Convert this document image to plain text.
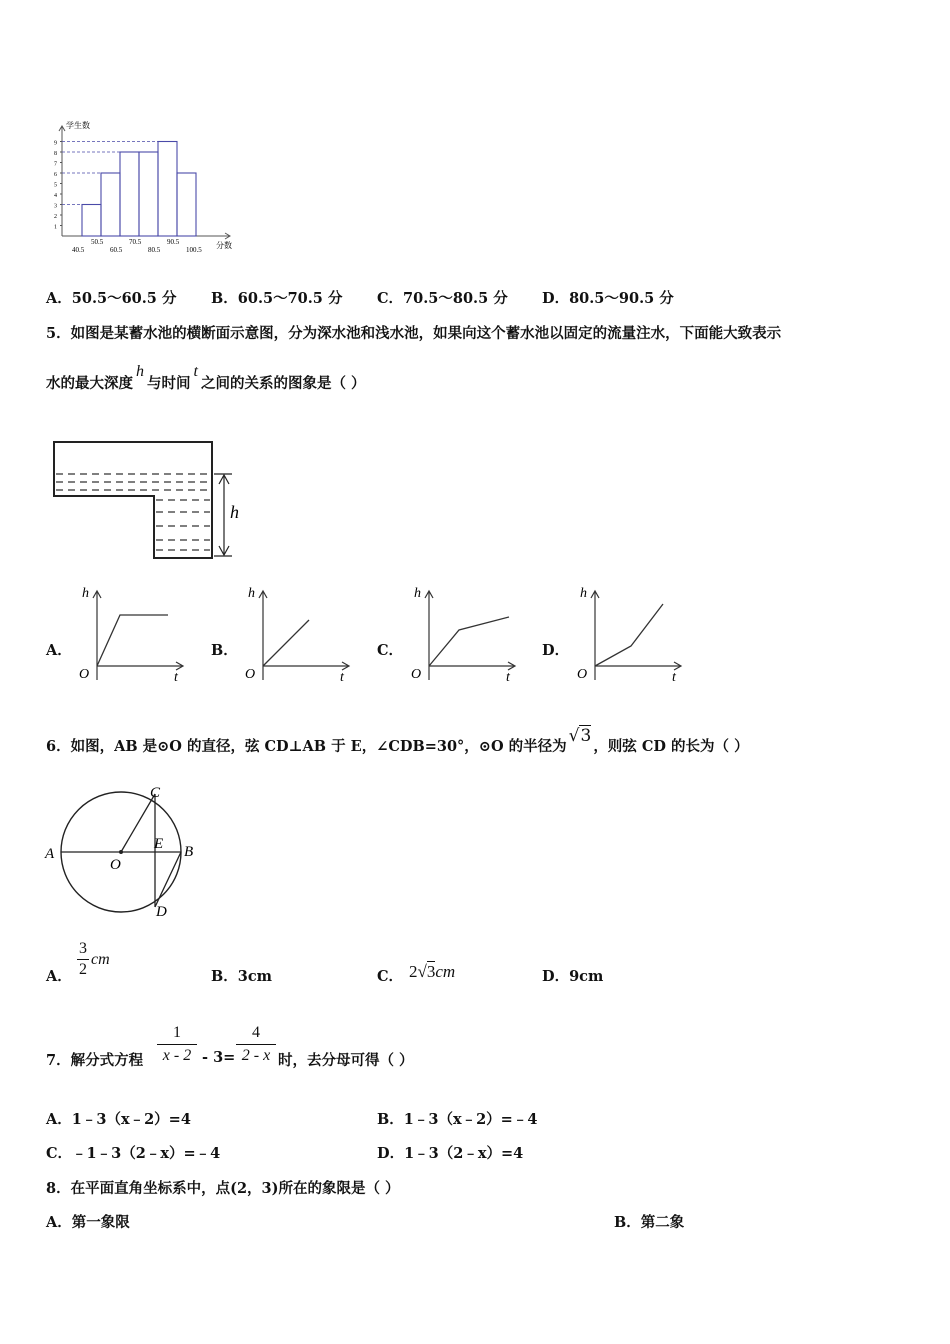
1
2
3
4
5
6
7
8
9
40.5	60.5	80.5	100.5
50.5	70.5	90.5
学生数
分数
A．50.5～60.5 分 B．60.5～70.5 分 C．70.5～80.5 分 D．80.5～90.5 分
5．如图是某蓄水池的横断面示意图，分为深水池和浅水池，如果向这个蓄水池以固定的流量注水，下面能大致表示
水的最大深度h与时间t之间的关系的图象是（ ）
h
A．
h
O	t
B．
h
O	t
C．
h
O	t
D．
h
O	t
6．如图，AB 是⊙O 的直径，弦 CD⊥AB 于 E，∠CDB=30°，⊙O 的半径为√3，则弦 CD 的长为（ ）
A	B
C
D
E
O
A．
3
2
cm
B．3cm	C． 2√3cm	D．9cm
7．解分式方程
1
x - 2 - 3=
4
2 - x 时，去分母可得（ ）
A．1﹣3（x﹣2）=4	B．1﹣3（x﹣2）=﹣4
C．﹣1﹣3（2﹣x）=﹣4	D．1﹣3（2﹣x）=4
8．在平面直角坐标系中，点(2，3)所在的象限是（ ）
A．第一象限	B．第二象
